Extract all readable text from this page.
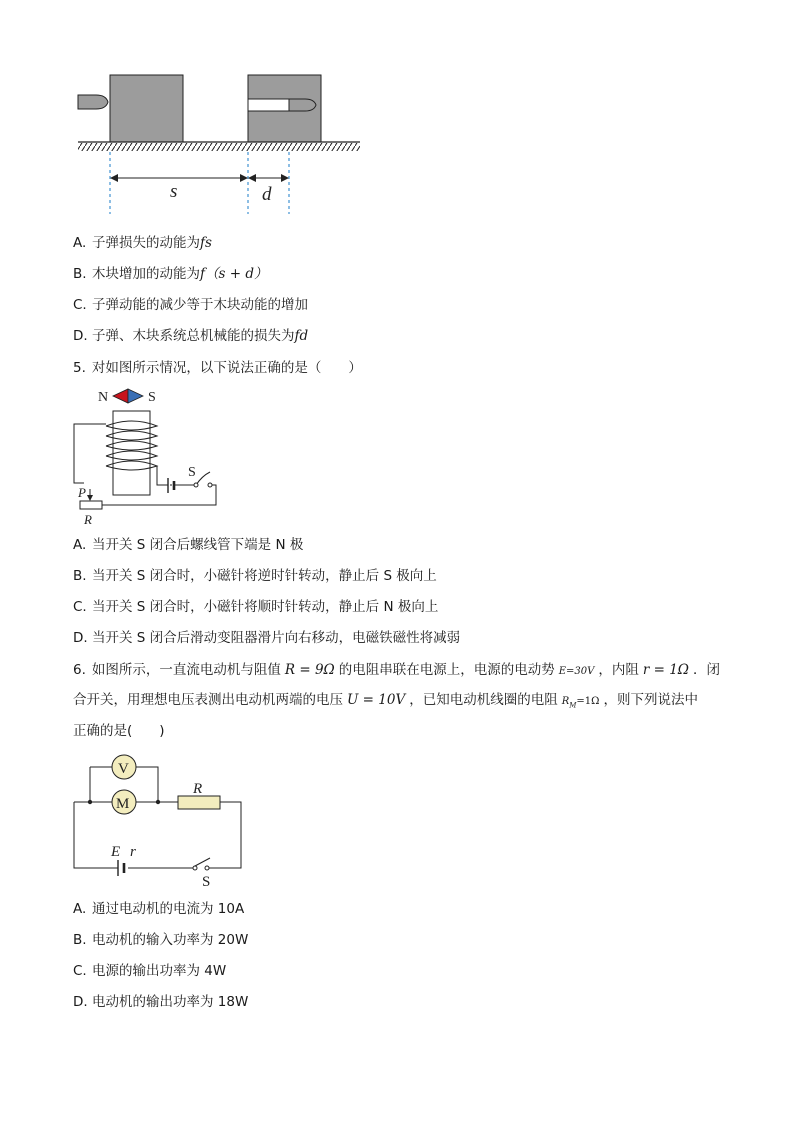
s	d
A. 子弹损失的动能为fs
B. 木块增加的动能为f（s + d）
C. 子弹动能的减少等于木块动能的增加
D. 子弹、木块系统总机械能的损失为fd
5. 对如图所示情况，以下说法正确的是（　　）
N	S
S
P
R
A. 当开关 S 闭合后螺线管下端是 N 极
B. 当开关 S 闭合时，小磁针将逆时针转动，静止后 S 极向上
C. 当开关 S 闭合时，小磁针将顺时针转动，静止后 N 极向上
D. 当开关 S 闭合后滑动变阻器滑片向右移动，电磁铁磁性将减弱
6. 如图所示，一直流电动机与阻值 R = 9Ω 的电阻串联在电源上，电源的电动势 E=30V ，内阻 r = 1Ω ．闭
合开关，用理想电压表测出电动机两端的电压 U = 10V ，已知电动机线圈的电阻 $R_M=1\Omega$ ，则下列说法中
正确的是(　　)
V
M
R
E r
S
A. 通过电动机的电流为 10A
B. 电动机的输入功率为 20W
C. 电源的输出功率为 4W
D. 电动机的输出功率为 18W
